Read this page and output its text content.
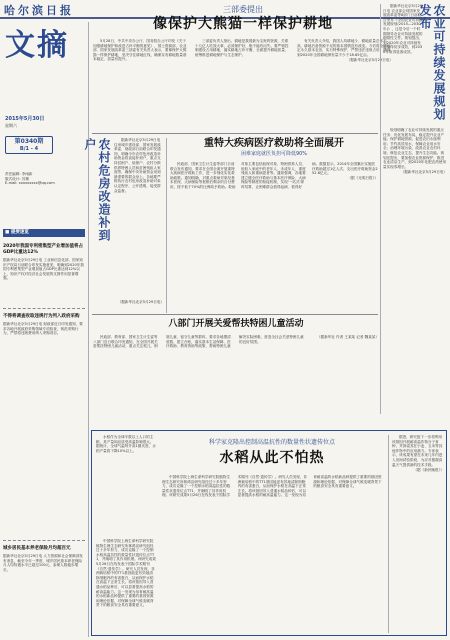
哈尔滨日报
文摘
2015年5月30日
星期六
第0340期
B/1 - 4
责任编辑: 李雨新
版式设计: 苏珊
E-mail: xxxxxxxxx@qq.com
■ 提要速览
2020年我国专利密集型产业增加值将占GDP比重达12%
据新华社北京5月29日电 工业和信息化部、国家知识产权局日前联合印发实施意见，明确到2020年我国专利密集型产业增加值占GDP比重达到12%以上，知识产权对经济社会发展的支撑作用显著增强。
不得将调查收取违规行为列入政府采购
据新华社北京5月29日电 财政部近日印发通知，要求各地开展政府采购领域专项检查，规范采购行为，严禁将违规费用纳入采购项目。
城乡居民基本养老保险月均超百元
据新华社北京5月29日电 人力资源和社会保障部发布消息，截至今年一季度，城乡居民基本养老保险月人均待遇水平已超过100元，参保人数稳步增长。
三部委提出
像保护大熊猫一样保护耕地

5月28日，中共中央办公厅、国务院办公厅印发《关于加强耕地保护和改进占补平衡的意见》，国土资源部、农业部、国家发展改革委三部委有关负责人表示，要像保护大熊猫一样保护耕地，坚决守住耕地红线，确保实有耕地数量基本稳定、质量有提升。

三部委负责人指出，耕地是我国最为宝贵的资源，关系十几亿人吃饭大事，必须保护好，绝不能有闪失。要严格控制建设占用耕地，落实耕地占补平衡，全面提升耕地质量，统筹推进耕地保护与生态保护。

有关负责人介绍，我国人均耕地少、耕地质量总体不高、耕地后备资源不足的基本国情没有改变。今后将全面划定永久基本农田，实行特殊保护，严禁违法违规占用，确保到2020年全国耕地保有量不少于18.65亿亩。

（据新华社北京5月29日电）

据新华社北京5月29日电 农业部会同国家发展改革委等8部门日前联合发布《全国农业可持续发展规划(2015—2030年)》，这是今后一个时期指导农业可持续发展的纲领性文件。规划提出，到2020年农业可持续发展取得初步成效，到2030年取得显著成效。	农业可持续发展规划发布

规划明确了农业可持续发展的重点任务：优化发展布局，稳定提升农业产能；保护耕地资源，促进农田永续利用；节约高效用水，保障农业用水安全；治理环境污染，改善农业农村环境；修复农业生态，提升生态功能。规划还提出，要加强农业资源保护，推进农业清洁生产，到2020年化肥农药使用量实现零增长。

（据新华社北京5月29日电）

农村危房改造补到户	据新华社北京5月29日电 住房城乡建设部、国家发展改革委、财政部日前联合印发通知，明确今年农村危房改造补助资金将直接补到户，重点支持贫困户、低保户、农村分散供养特困人员和贫困残疾人家庭等，确保中央补助资金用到最需要的群众身上。各地要严格执行农村危房改造补助对象认定程序，公开透明，接受群众监督。

（据新华社北京5月29日电）
重特大疾病医疗救助将全面展开
困难家庭就医负担可降低90%

民政部、国家卫生计生委等部门日前联合发布通知，要求在全国全面开展重特大疾病医疗救助工作，进一步细化实化救助政策。通知明确，对重点救助对象经基本医保、大病保险等报销后剩余的自付费用，按不低于70%的比例给予救助。救助对象主要包括低保对象、特困供养人员、低收入家庭中的老年人、未成年人、重度残疾人和重病患者等。通知强调，各地要建立健全医疗救助与基本医疗保险、大病保险等制度的衔接机制，实现'一站式'即时结算，让困难群众看得起病、看得好病。数据显示，2014年全国累计实施医疗救助超过1亿人次，支出医疗救助资金252.6亿元。

（据《光明日报》）

八部门开展关爱帮扶特困儿童活动

民政部、教育部、国家卫生计生委等八部门近日联合印发通知，在全国开展关爱帮扶特困儿童活动，重点关注孤儿、困境儿童、留守儿童等群体，要求各地摸清底数、建立台账，落实基本生活保障、医疗救助、教育资助等政策，帮助特困儿童解决实际困难，营造全社会关爱特困儿童的良好氛围。

（据新华社 作者 王某某 记者 魏某某）

水稻作为全球半数以上人口的主粮，其产量和品质受高温影响很大。据统计，全球气温每升高1摄氏度，水稻产量将下降10%以上。

科学家克隆出控制高温抗性的数量性状遗传位点
水稻从此不怕热

中国科学院上海生命科学研究院植物生理生态研究所林鸿宣研究组经过十多年努力，成功克隆了一个控制水稻高温抗性的数量性状遗传位点TT1，并阐明了其作用机理。该研究成果5月26日在线发表于国际学术期刊《自然·遗传学》。研究人员发现，非洲栽培稻中的TT1基因能更有效地清除细胞内的有害蛋白，从而保护水稻在高温下正常生长。将该基因导入普通水稻品种后，可以显著提高水稻的耐高温能力。这一发现为培育耐高温的水稻新品种提供了重要的基因资源和理论依据，对保障全球气候变暖背景下的粮食安全具有重要意义。

中国科学院上海生命科学研究院植物生理生态研究所林鸿宣研究组经过十多年努力，成功克隆了一个控制水稻高温抗性的数量性状遗传位点TT1，并阐明了其作用机理。该研究成果5月26日在线发表于国际学术期刊《自然·遗传学》。研究人员发现，非洲栽培稻中的TT1基因能更有效地清除细胞内的有害蛋白，从而保护水稻在高温下正常生长。将该基因导入普通水稻品种后，可以显著提高水稻的耐高温能力。这一发现为培育耐高温的水稻新品种提供了重要的基因资源和理论依据，对保障全球气候变暖背景下的粮食安全具有重要意义。

据悉，研究组下一步将利用该基因开展耐高温作物分子育种，并探索其在小麦、玉米等其他作物中的应用潜力。专家表示，该成果有望在未来几年内进入田间试验阶段，为应对极端高温天气提供新的技术手段。

（据《新民晚报》）
